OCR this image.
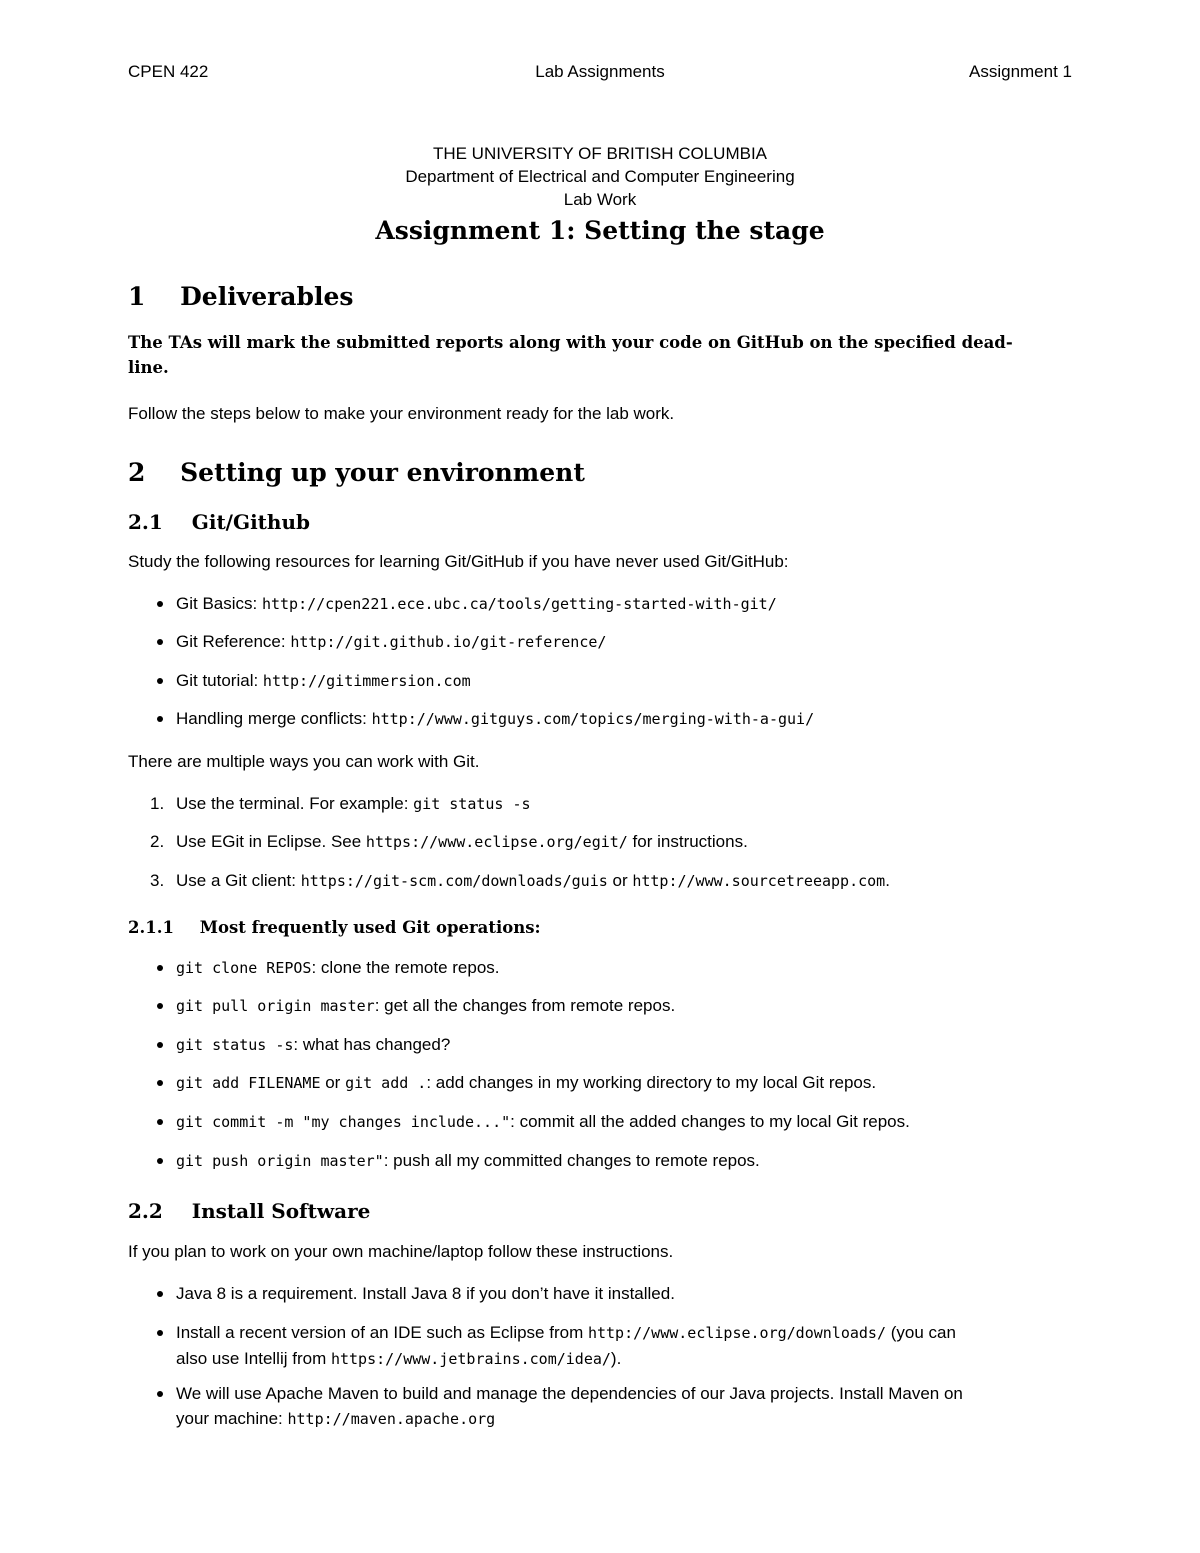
CPEN 422	Lab Assignments	Assignment 1
THE UNIVERSITY OF BRITISH COLUMBIA
Department of Electrical and Computer Engineering
Lab Work
Assignment 1: Setting the stage
1 Deliverables
The TAs will mark the submitted reports along with your code on GitHub on the specified dead-
line.
Follow the steps below to make your environment ready for the lab work.
2 Setting up your environment
2.1 Git/Github
Study the following resources for learning Git/GitHub if you have never used Git/GitHub:
Git Basics: http://cpen221.ece.ubc.ca/tools/getting-started-with-git/
Git Reference: http://git.github.io/git-reference/
Git tutorial: http://gitimmersion.com
Handling merge conflicts: http://www.gitguys.com/topics/merging-with-a-gui/
There are multiple ways you can work with Git.
1. Use the terminal. For example: git status -s
2. Use EGit in Eclipse. See https://www.eclipse.org/egit/ for instructions.
3. Use a Git client: https://git-scm.com/downloads/guis or http://www.sourcetreeapp.com.
2.1.1 Most frequently used Git operations:
git clone REPOS: clone the remote repos.
git pull origin master: get all the changes from remote repos.
git status -s: what has changed?
git add FILENAME or git add .: add changes in my working directory to my local Git repos.
git commit -m "my changes include...": commit all the added changes to my local Git repos.
git push origin master": push all my committed changes to remote repos.
2.2 Install Software
If you plan to work on your own machine/laptop follow these instructions.
Java 8 is a requirement. Install Java 8 if you don’t have it installed.
Install a recent version of an IDE such as Eclipse from http://www.eclipse.org/downloads/ (you can
also use Intellij from https://www.jetbrains.com/idea/).
We will use Apache Maven to build and manage the dependencies of our Java projects. Install Maven on
your machine: http://maven.apache.org
